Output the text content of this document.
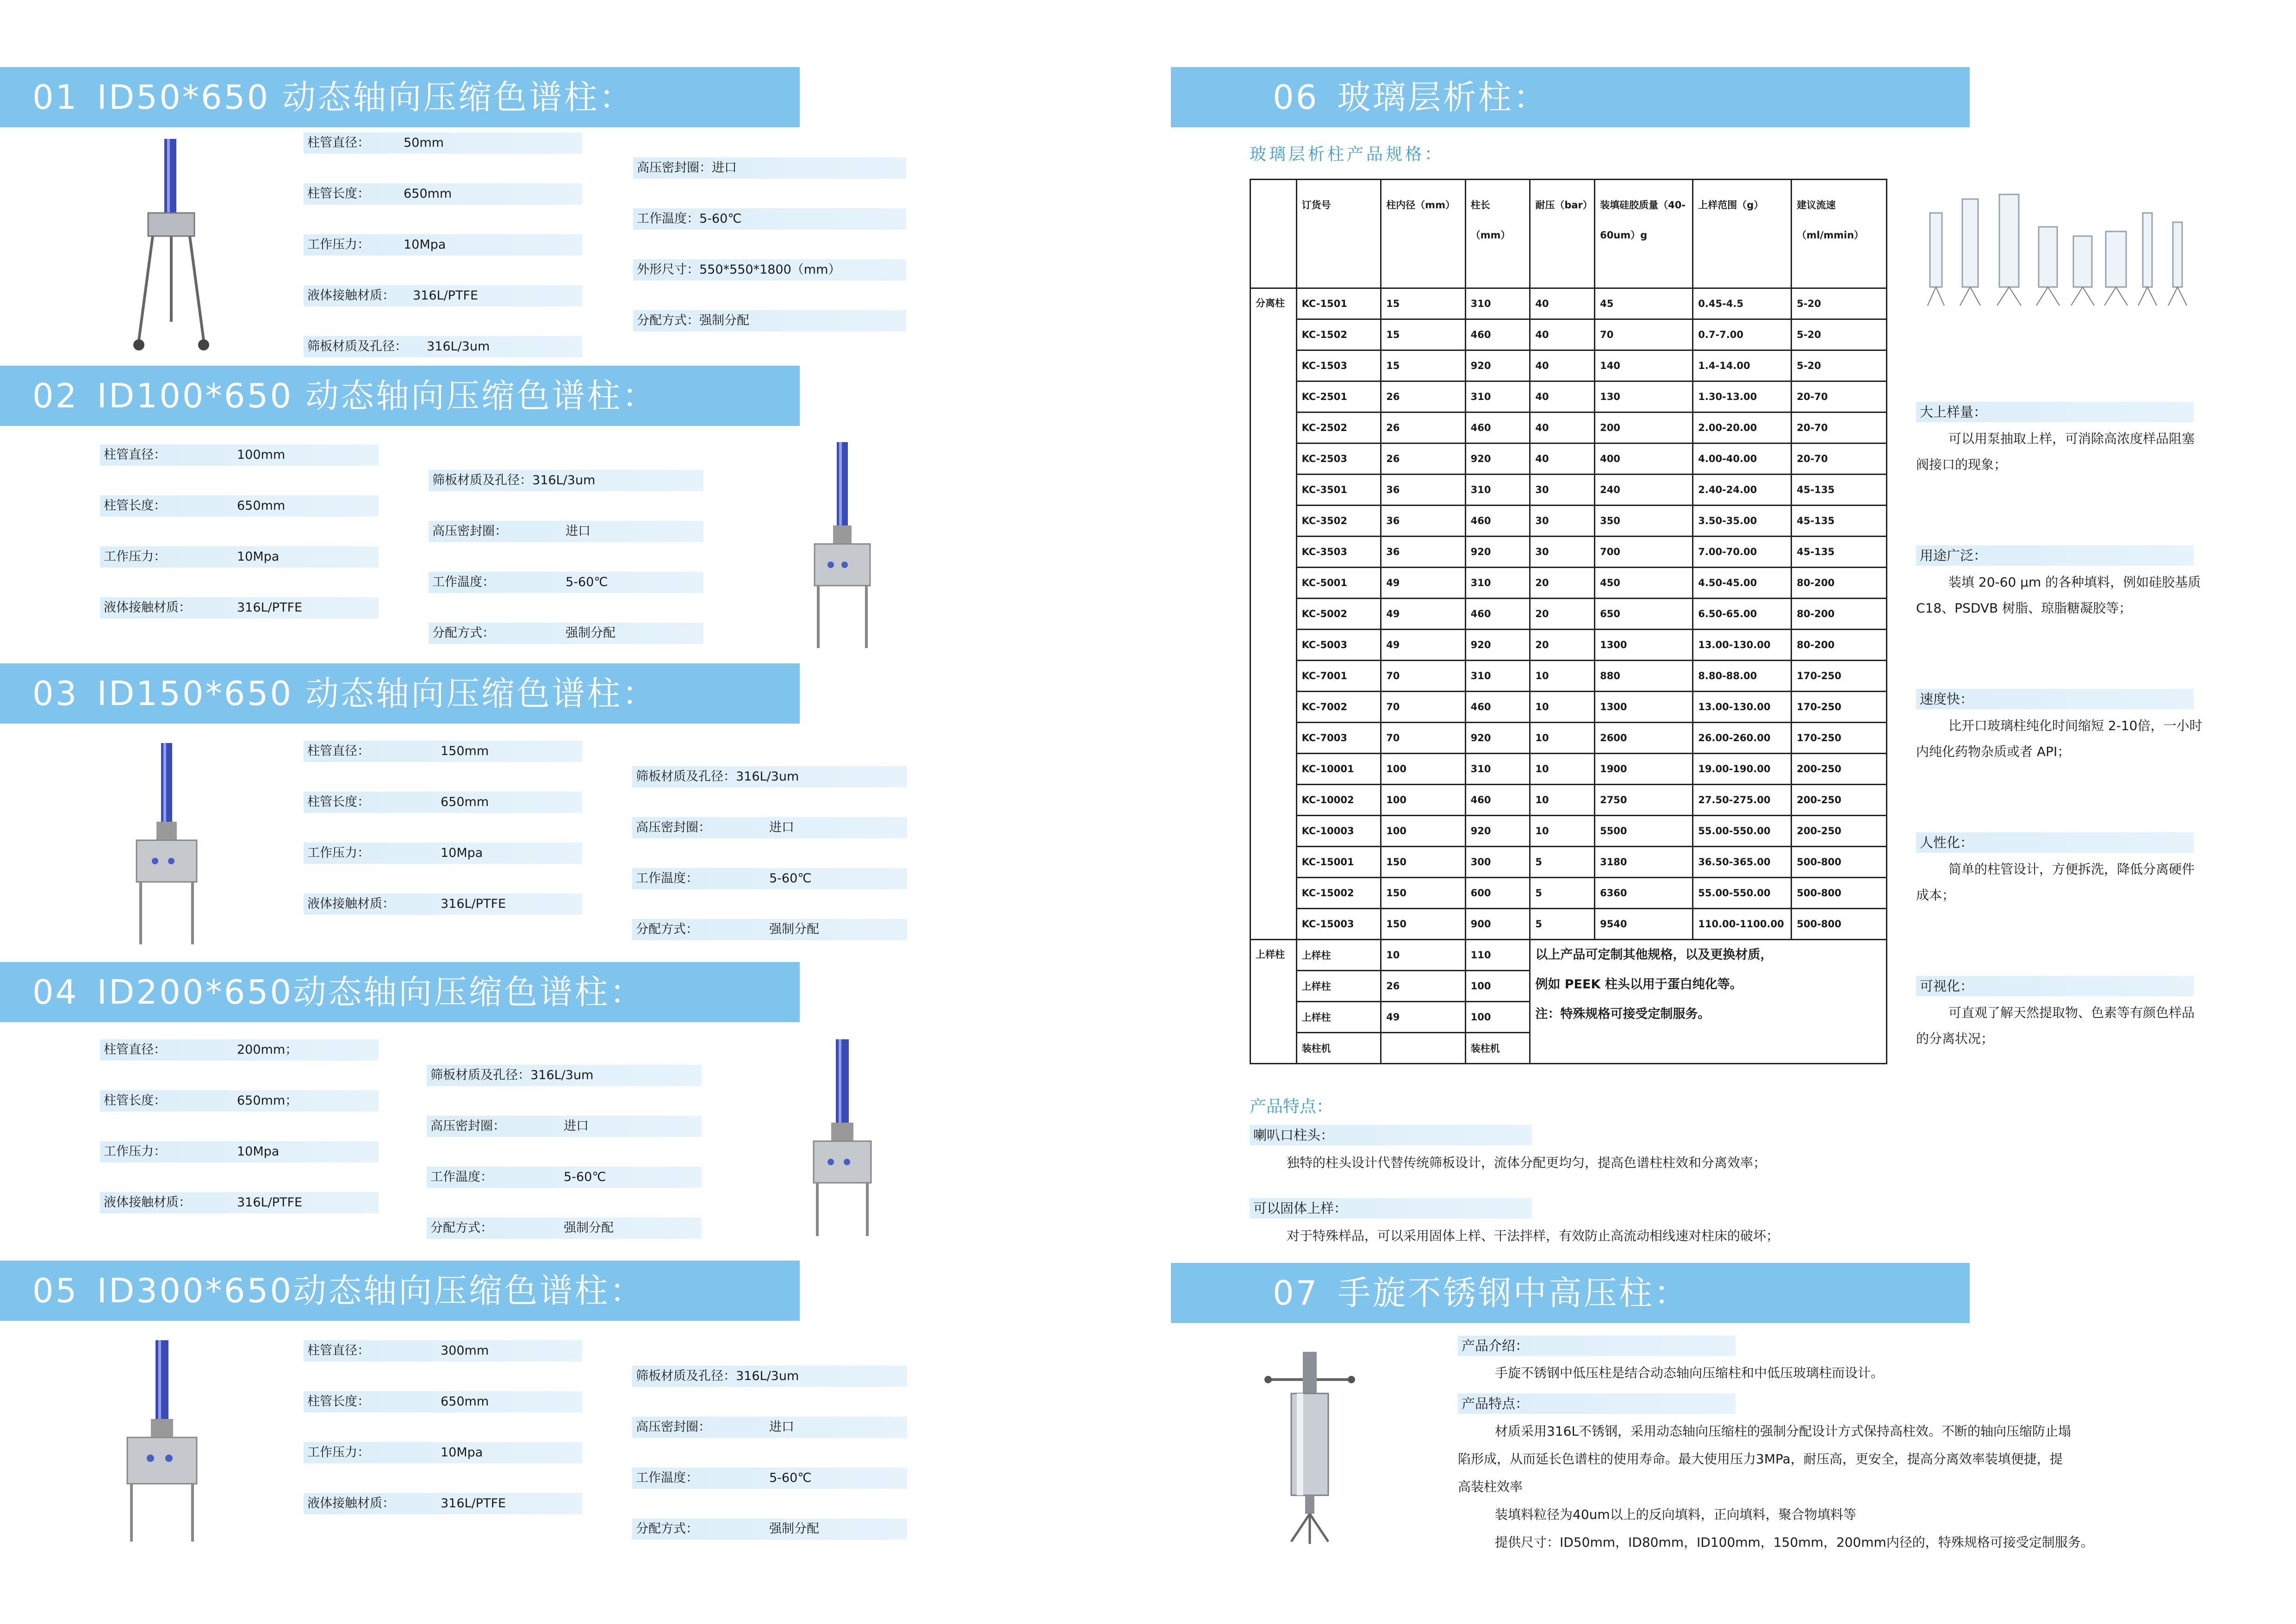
01 ID50*650 动态轴向压缩色谱柱：
柱管直径：	50mm
柱管长度：	650mm
工作压力：	10Mpa
液体接触材质： 316L/PTFE
筛板材质及孔径： 316L/3um
高压密封圈：进口
工作温度：5-60℃
外形尺寸：550*550*1800（mm）
分配方式：强制分配
02 ID100*650 动态轴向压缩色谱柱：
柱管直径：	100mm
柱管长度：	650mm
工作压力：	10Mpa
液体接触材质：	316L/PTFE
筛板材质及孔径：316L/3um
高压密封圈：	进口
工作温度：	5-60℃
分配方式：	强制分配
03 ID150*650 动态轴向压缩色谱柱：
柱管直径：	150mm
柱管长度：	650mm
工作压力：	10Mpa
液体接触材质：	316L/PTFE
筛板材质及孔径：316L/3um
高压密封圈：	进口
工作温度：	5-60℃
分配方式：	强制分配
04 ID200*650动态轴向压缩色谱柱：
柱管直径：	200mm；
柱管长度：	650mm；
工作压力：	10Mpa
液体接触材质：	316L/PTFE
筛板材质及孔径：316L/3um
高压密封圈：	进口
工作温度：	5-60℃
分配方式：	强制分配
05 ID300*650动态轴向压缩色谱柱：
柱管直径：	300mm
柱管长度：	650mm
工作压力：	10Mpa
液体接触材质：	316L/PTFE
筛板材质及孔径：316L/3um
高压密封圈：	进口
工作温度：	5-60℃
分配方式：	强制分配
06 玻璃层析柱：
玻璃层析柱产品规格：
	订货号	柱内径（mm）	柱长（mm）	耐压（bar）	装填硅胶质量（40-60um）g	上样范围（g）	建议流速（ml/mmin）
分离柱	KC-1501	15	310	40	45	0.45-4.5	5-20
	KC-1502	15	460	40	70	0.7-7.00	5-20
	KC-1503	15	920	40	140	1.4-14.00	5-20
	KC-2501	26	310	40	130	1.30-13.00	20-70
	KC-2502	26	460	40	200	2.00-20.00	20-70
	KC-2503	26	920	40	400	4.00-40.00	20-70
	KC-3501	36	310	30	240	2.40-24.00	45-135
	KC-3502	36	460	30	350	3.50-35.00	45-135
	KC-3503	36	920	30	700	7.00-70.00	45-135
	KC-5001	49	310	20	450	4.50-45.00	80-200
	KC-5002	49	460	20	650	6.50-65.00	80-200
	KC-5003	49	920	20	1300	13.00-130.00	80-200
	KC-7001	70	310	10	880	8.80-88.00	170-250
	KC-7002	70	460	10	1300	13.00-130.00	170-250
	KC-7003	70	920	10	2600	26.00-260.00	170-250
	KC-10001	100	310	10	1900	19.00-190.00	200-250
	KC-10002	100	460	10	2750	27.50-275.00	200-250
	KC-10003	100	920	10	5500	55.00-550.00	200-250
	KC-15001	150	300	5	3180	36.50-365.00	500-800
	KC-15002	150	600	5	6360	55.00-550.00	500-800
	KC-15003	150	900	5	9540	110.00-1100.00	500-800
上样柱	上样柱	10	110	以上产品可定制其他规格，以及更换材质，
例如 PEEK 柱头以用于蛋白纯化等。
注：特殊规格可接受定制服务。			

	上样柱	26	100				
	上样柱	49	100				
	装柱机		装柱机				
大上样量：
可以用泵抽取上样，可消除高浓度样品阻塞阀接口的现象；
用途广泛：
装填 20-60 μm 的各种填料，例如硅胶基质 C18、PSDVB 树脂、琼脂糖凝胶等；
速度快：
比开口玻璃柱纯化时间缩短 2-10倍，一小时内纯化药物杂质或者 API；
人性化：
简单的柱管设计，方便拆洗，降低分离硬件成本；
可视化：
可直观了解天然提取物、色素等有颜色样品的分离状况；
产品特点：
喇叭口柱头：
独特的柱头设计代替传统筛板设计，流体分配更均匀，提高色谱柱柱效和分离效率；
可以固体上样：
对于特殊样品，可以采用固体上样、干法拌样，有效防止高流动相线速对柱床的破坏；
07 手旋不锈钢中高压柱：
产品介绍：
手旋不锈钢中低压柱是结合动态轴向压缩柱和中低压玻璃柱而设计。
产品特点：
材质采用316L不锈钢，采用动态轴向压缩柱的强制分配设计方式保持高柱效。不断的轴向压缩防止塌
陷形成，从而延长色谱柱的使用寿命。最大使用压力3MPa，耐压高，更安全，提高分离效率装填便捷，提
高装柱效率
装填料粒径为40um以上的反向填料，正向填料，聚合物填料等
提供尺寸：ID50mm，ID80mm，ID100mm，150mm，200mm内径的，特殊规格可接受定制服务。
